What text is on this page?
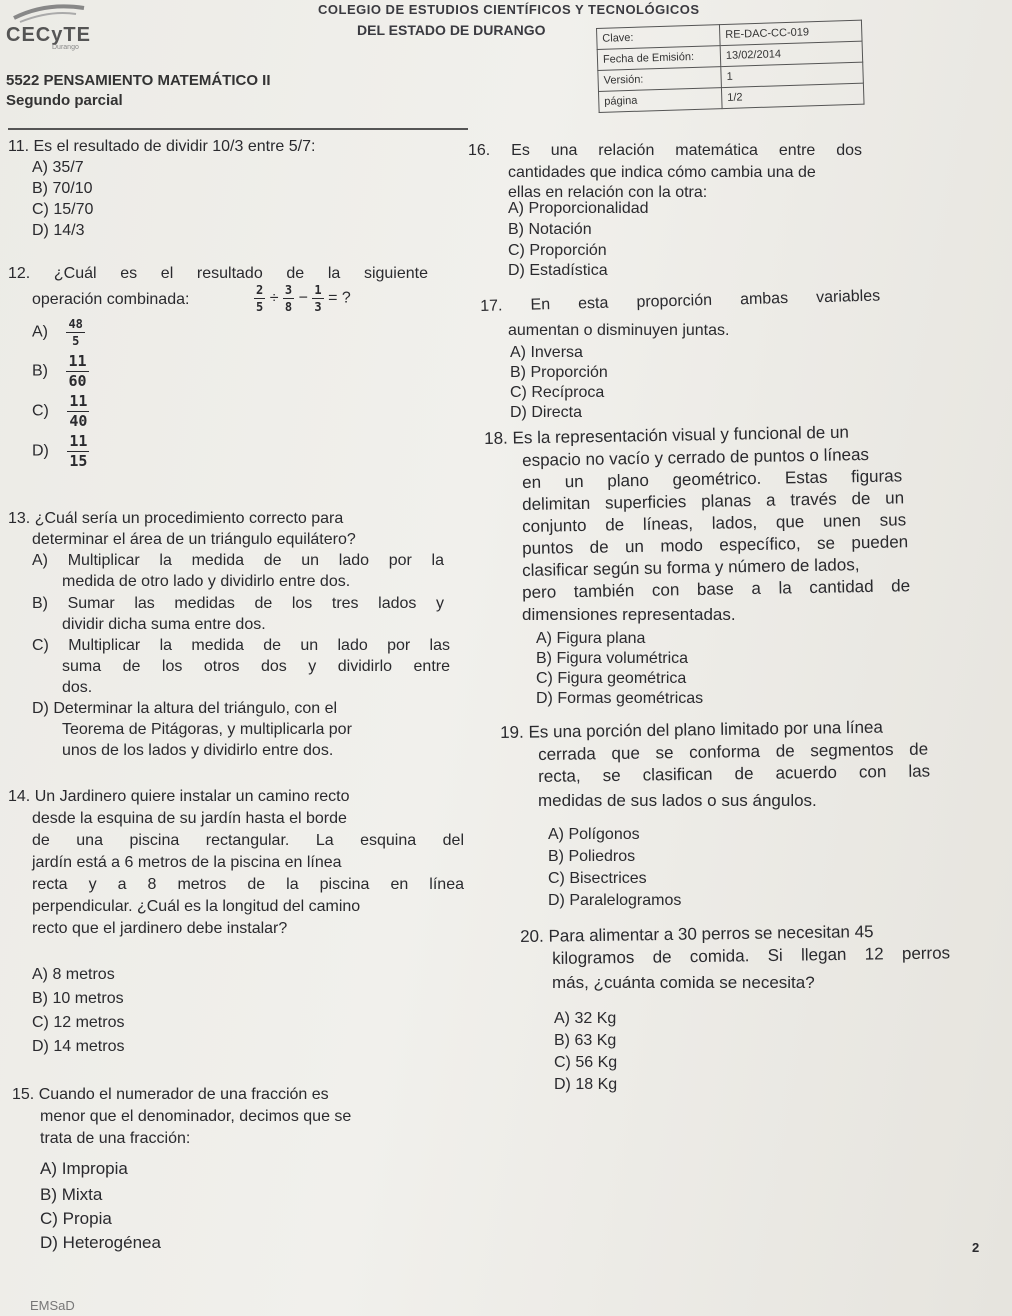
COLEGIO DE ESTUDIOS CIENTÍFICOS Y TECNOLÓGICOS
DEL ESTADO DE DURANGO
CECyTE
Durango
5522 PENSAMIENTO MATEMÁTICO II
Segundo parcial
Clave:	RE-DAC-CC-019
Fecha de Emisión:	13/02/2014
Versión:	1
página	1/2
11. Es el resultado de dividir 10/3 entre 5/7:
A) 35/7
B) 70/10
C) 15/70
D) 14/3
12. ¿Cuál es el resultado de la siguiente
operación combinada:	$\frac{2}{5} \div \frac{3}{8} - \frac{1}{3}$ = ?
$A) \frac{48}{5}$
$B) \frac{11}{60}$
$C) \frac{11}{40}$
$D) \frac{11}{15}$
13. ¿Cuál sería un procedimiento correcto para
determinar el área de un triángulo equilátero?
A) Multiplicar la medida de un lado por la
medida de otro lado y dividirlo entre dos.
B) Sumar las medidas de los tres lados y
dividir dicha suma entre dos.
C) Multiplicar la medida de un lado por las
suma de los otros dos y dividirlo entre
dos.
D) Determinar la altura del triángulo, con el
Teorema de Pitágoras, y multiplicarla por
unos de los lados y dividirlo entre dos.
14. Un Jardinero quiere instalar un camino recto
desde la esquina de su jardín hasta el borde
de una piscina rectangular. La esquina del
jardín está a 6 metros de la piscina en línea
recta y a 8 metros de la piscina en línea
perpendicular. ¿Cuál es la longitud del camino
recto que el jardinero debe instalar?
A) 8 metros
B) 10 metros
C) 12 metros
D) 14 metros
15. Cuando el numerador de una fracción es
menor que el denominador, decimos que se
trata de una fracción:
A) Impropia
B) Mixta
C) Propia
D) Heterogénea
16. Es una relación matemática entre dos
cantidades que indica cómo cambia una de
ellas en relación con la otra:
A) Proporcionalidad
B) Notación
C) Proporción
D) Estadística
17. En esta proporción ambas variables
aumentan o disminuyen juntas.
A) Inversa
B) Proporción
C) Recíproca
D) Directa
18. Es la representación visual y funcional de un
espacio no vacío y cerrado de puntos o líneas
en un plano geométrico. Estas figuras
delimitan superficies planas a través de un
conjunto de líneas, lados, que unen sus
puntos de un modo específico, se pueden
clasificar según su forma y número de lados,
pero también con base a la cantidad de
dimensiones representadas.
A) Figura plana
B) Figura volumétrica
C) Figura geométrica
D) Formas geométricas
19. Es una porción del plano limitado por una línea
cerrada que se conforma de segmentos de
recta, se clasifican de acuerdo con las
medidas de sus lados o sus ángulos.
A) Polígonos
B) Poliedros
C) Bisectrices
D) Paralelogramos
20. Para alimentar a 30 perros se necesitan 45
kilogramos de comida. Si llegan 12 perros
más, ¿cuánta comida se necesita?
A) 32 Kg
B) 63 Kg
C) 56 Kg
D) 18 Kg
2
EMSaD
